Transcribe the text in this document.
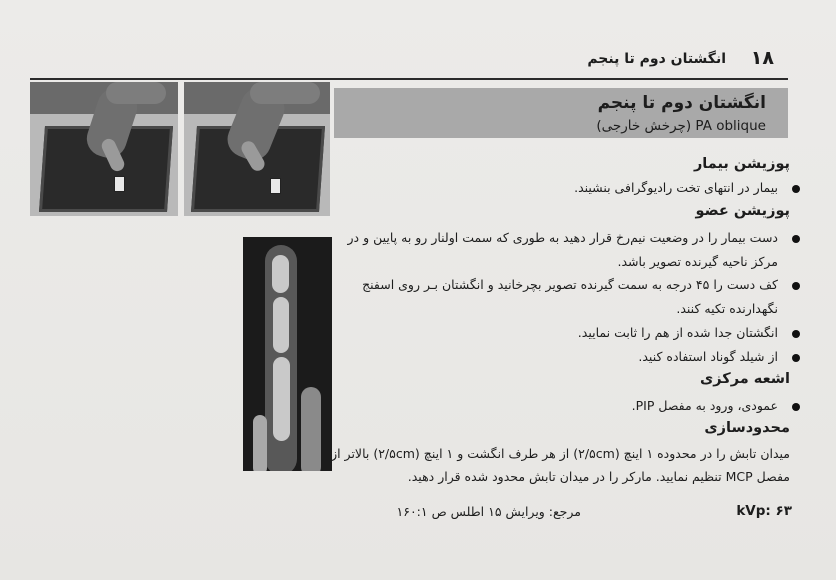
۱۸
انگشتان دوم تا پنجم
انگشتان دوم تا پنجم
PA oblique (چرخش خارجی)
پوزیشن بیمار
بیمار در انتهای تخت رادیوگرافی بنشیند.
پوزیشن عضو
دست بیمار را در وضعیت نیم‌رخ قرار دهید به طوری که سمت اولنار رو به پایین و در
مرکز ناحیه گیرنده تصویر باشد.
کف دست را ۴۵ درجه به سمت گیرنده تصویر بچرخانید و انگشتان بـر روی اسفنج
نگهدارنده تکیه کنند.
انگشتان جدا شده از هم را ثابت نمایید.
از شیلد گوناد استفاده کنید.
اشعه مرکزی
عمودی، ورود به مفصل PIP.
محدودسازی
میدان تابش را در محدوده ۱ اینچ (۲/۵cm) از هر طرف انگشت و ۱ اینچ (۲/۵cm) بالاتر از
مفصل MCP تنظیم نمایید. مارکر را در میدان تابش محدود شده قرار دهید.
مرجع: ویرایش ۱۵ اطلس ص ۱۶۰:۱	kVp: ۶۳
